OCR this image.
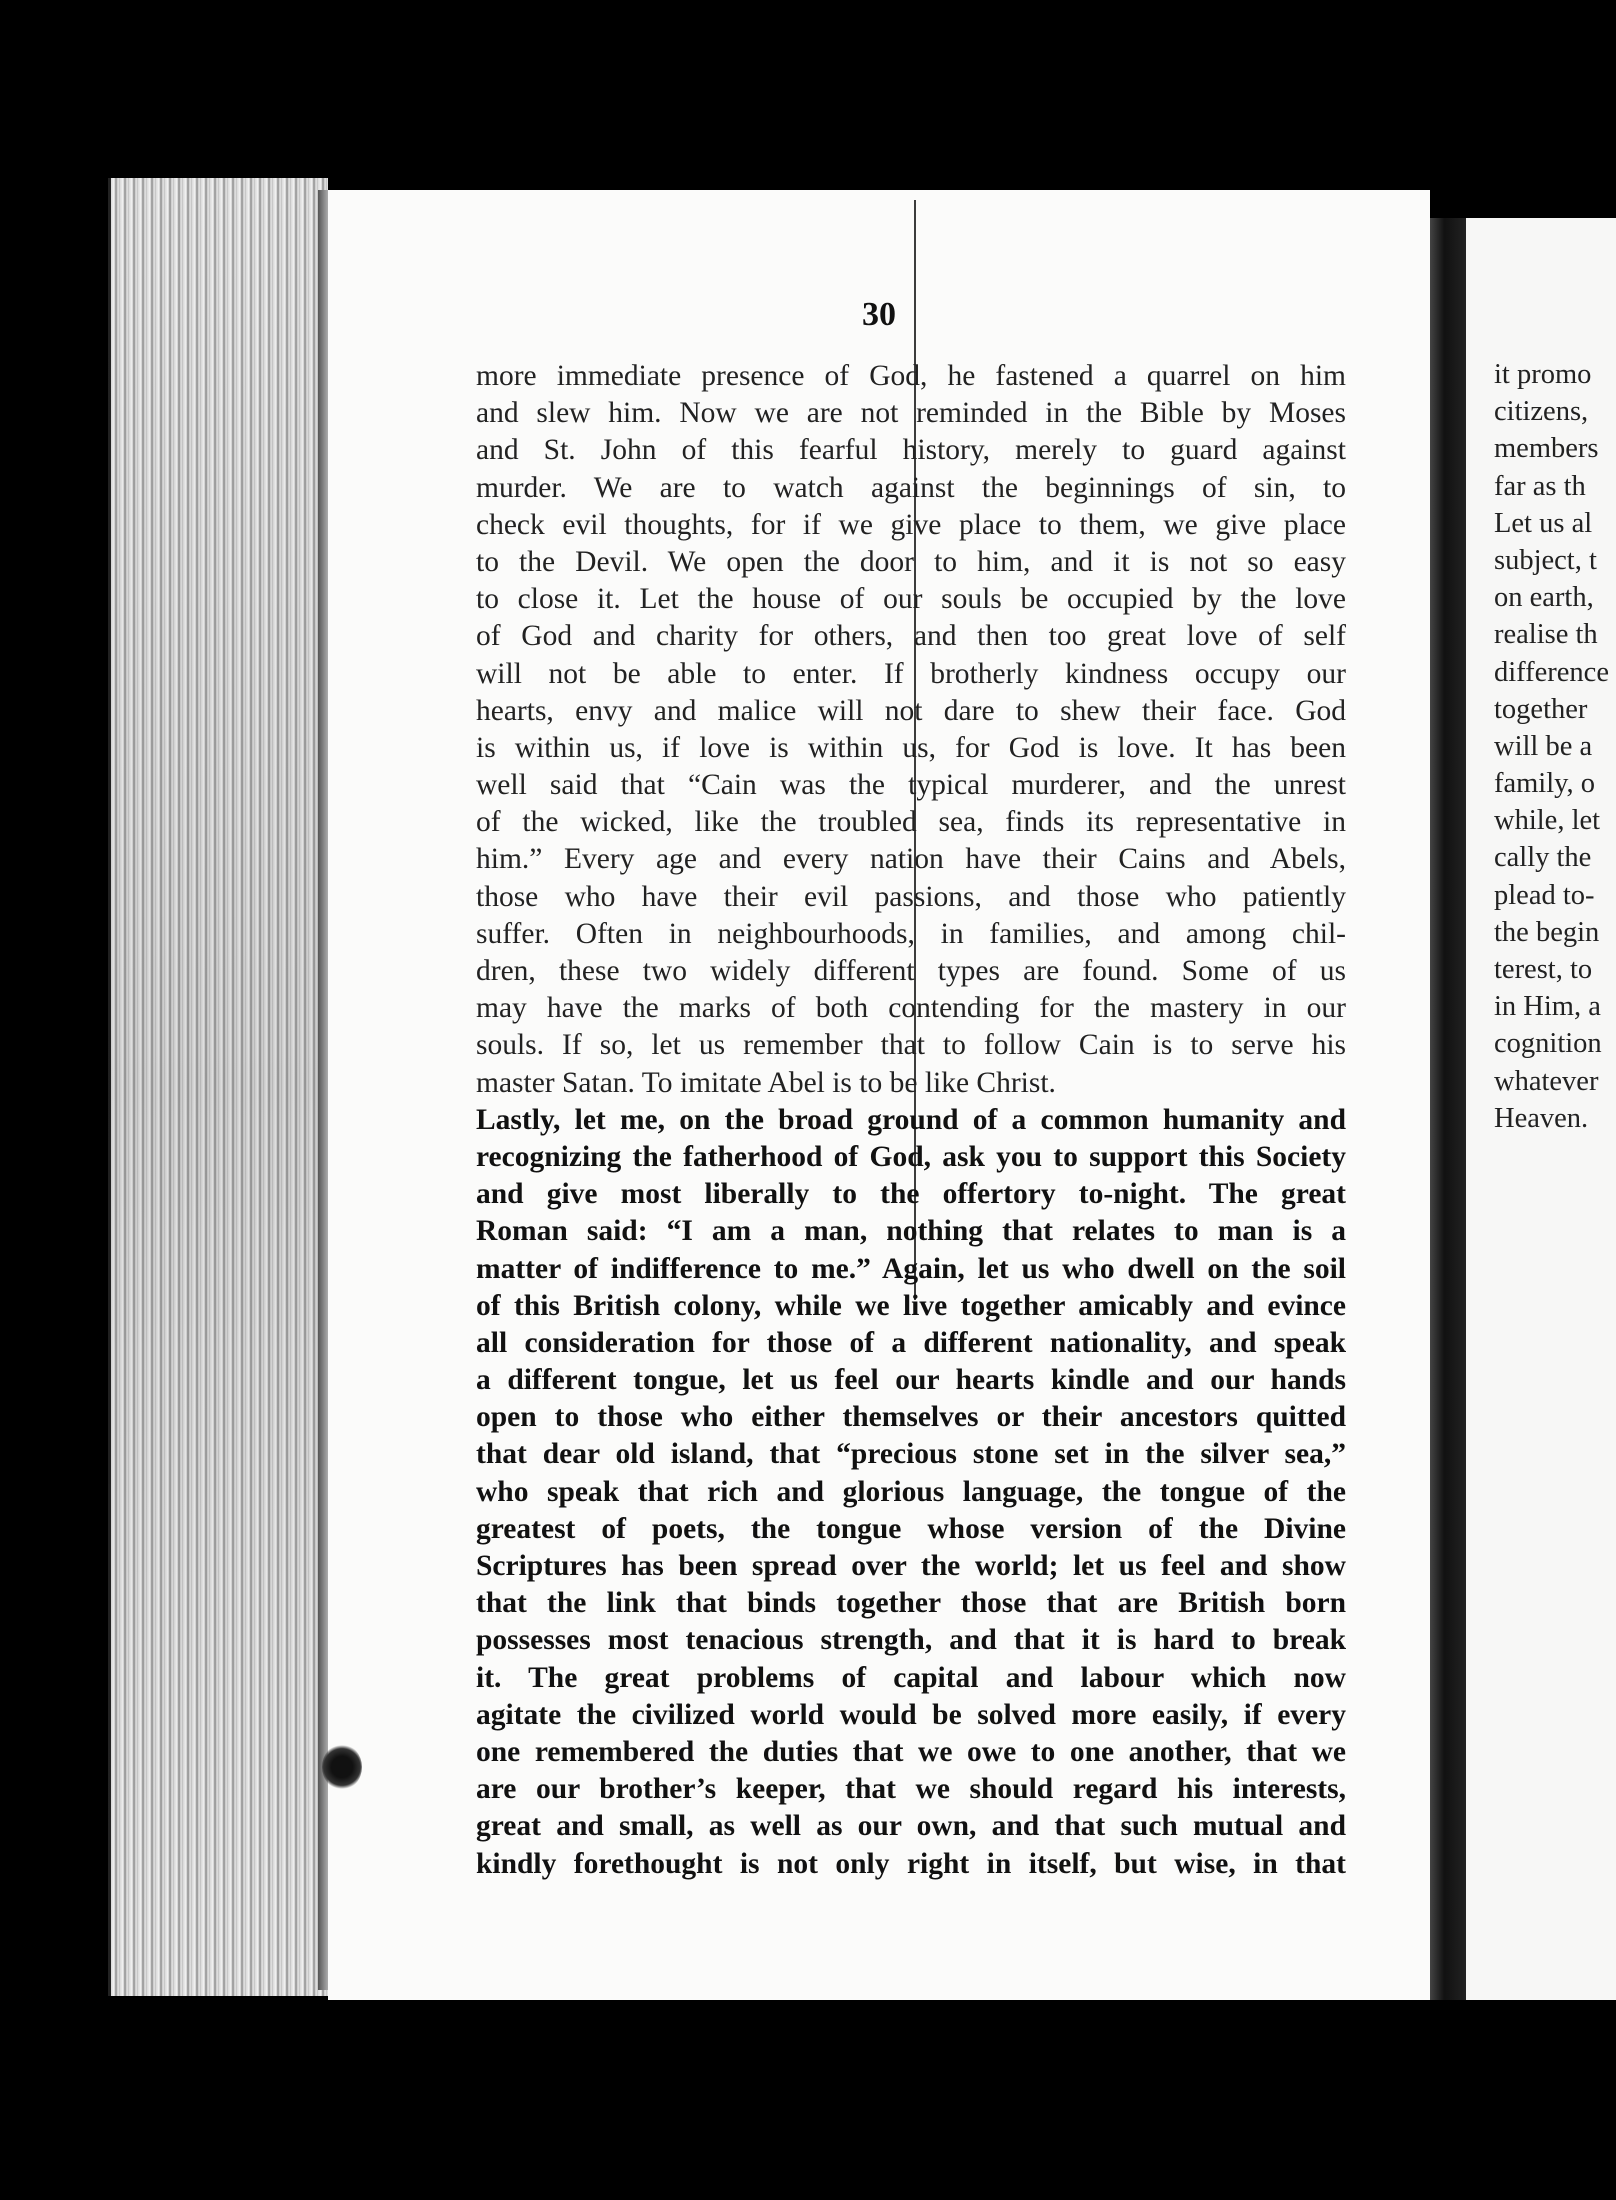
30
more immediate presence of God, he fastened a quarrel on him
and slew him. Now we are not reminded in the Bible by Moses
and St. John of this fearful history, merely to guard against
murder. We are to watch against the beginnings of sin, to
check evil thoughts, for if we give place to them, we give place
to the Devil. We open the door to him, and it is not so easy
to close it. Let the house of our souls be occupied by the love
of God and charity for others, and then too great love of self
will not be able to enter. If brotherly kindness occupy our
hearts, envy and malice will not dare to shew their face. God
is within us, if love is within us, for God is love. It has been
well said that “Cain was the typical murderer, and the unrest
of the wicked, like the troubled sea, finds its representative in
him.” Every age and every nation have their Cains and Abels,
those who have their evil passions, and those who patiently
suffer. Often in neighbourhoods, in families, and among chil-
dren, these two widely different types are found. Some of us
may have the marks of both contending for the mastery in our
souls. If so, let us remember that to follow Cain is to serve his
master Satan. To imitate Abel is to be like Christ.
Lastly, let me, on the broad ground of a common humanity and
recognizing the fatherhood of God, ask you to support this Society
and give most liberally to the offertory to-night. The great
Roman said: “I am a man, nothing that relates to man is a
matter of indifference to me.” Again, let us who dwell on the soil
of this British colony, while we live together amicably and evince
all consideration for those of a different nationality, and speak
a different tongue, let us feel our hearts kindle and our hands
open to those who either themselves or their ancestors quitted
that dear old island, that “precious stone set in the silver sea,”
who speak that rich and glorious language, the tongue of the
greatest of poets, the tongue whose version of the Divine
Scriptures has been spread over the world; let us feel and show
that the link that binds together those that are British born
possesses most tenacious strength, and that it is hard to break
it. The great problems of capital and labour which now
agitate the civilized world would be solved more easily, if every
one remembered the duties that we owe to one another, that we
are our brother’s keeper, that we should regard his interests,
great and small, as well as our own, and that such mutual and
kindly forethought is not only right in itself, but wise, in that
it promo
citizens,
members
far as th
Let us al
subject, t
on earth,
realise th
difference
together
will be a
family, o
while, let
cally the
plead to-
the begin
terest, to
in Him, a
cognition
whatever
Heaven.
